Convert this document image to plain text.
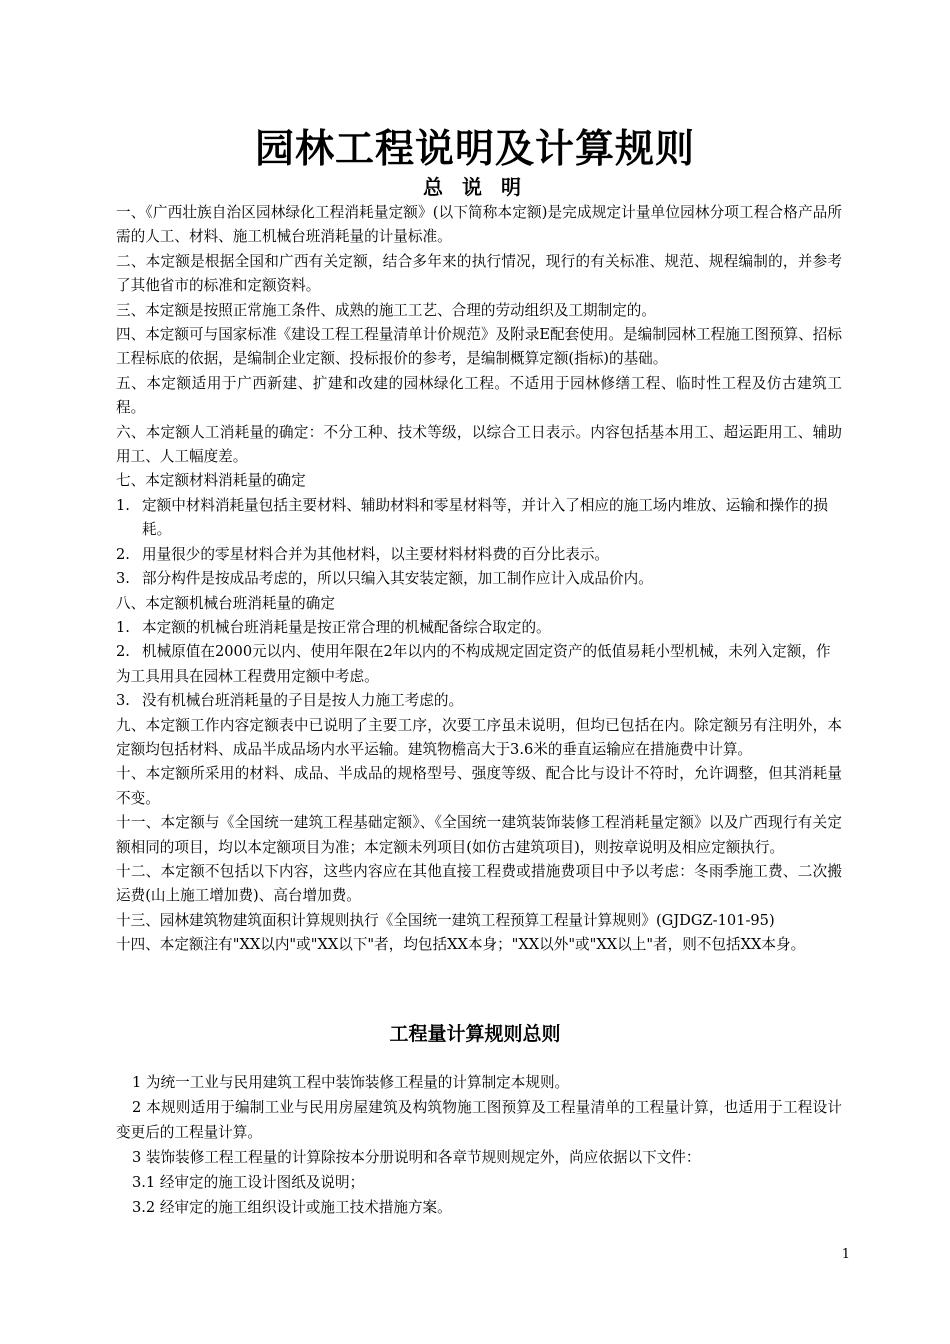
园林工程说明及计算规则
总 说 明
一、《广西壮族自治区园林绿化工程消耗量定额》(以下简称本定额)是完成规定计量单位园林分项工程合格产品所需的人工、材料、施工机械台班消耗量的计量标准。
二、本定额是根据全国和广西有关定额，结合多年来的执行情况，现行的有关标准、规范、规程编制的，并参考了其他省市的标准和定额资料。
三、本定额是按照正常施工条件、成熟的施工工艺、合理的劳动组织及工期制定的。
四、本定额可与国家标准《建设工程工程量清单计价规范》及附录E配套使用。是编制园林工程施工图预算、招标工程标底的依据，是编制企业定额、投标报价的参考，是编制概算定额(指标)的基础。
五、本定额适用于广西新建、扩建和改建的园林绿化工程。不适用于园林修缮工程、临时性工程及仿古建筑工程。
六、本定额人工消耗量的确定：不分工种、技术等级，以综合工日表示。内容包括基本用工、超运距用工、辅助用工、人工幅度差。
七、本定额材料消耗量的确定
1. 定额中材料消耗量包括主要材料、辅助材料和零星材料等，并计入了相应的施工场内堆放、运输和操作的损耗。
2. 用量很少的零星材料合并为其他材料，以主要材料材料费的百分比表示。
3. 部分构件是按成品考虑的，所以只编入其安装定额，加工制作应计入成品价内。
八、本定额机械台班消耗量的确定
1. 本定额的机械台班消耗量是按正常合理的机械配备综合取定的。
2. 机械原值在2000元以内、使用年限在2年以内的不构成规定固定资产的低值易耗小型机械，未列入定额，作为工具用具在园林工程费用定额中考虑。
3. 没有机械台班消耗量的子目是按人力施工考虑的。
九、本定额工作内容定额表中已说明了主要工序，次要工序虽未说明，但均已包括在内。除定额另有注明外，本定额均包括材料、成品半成品场内水平运输。建筑物檐高大于3.6米的垂直运输应在措施费中计算。
十、本定额所采用的材料、成品、半成品的规格型号、强度等级、配合比与设计不符时，允许调整，但其消耗量不变。
十一、本定额与《全国统一建筑工程基础定额》、《全国统一建筑装饰装修工程消耗量定额》以及广西现行有关定额相同的项目，均以本定额项目为准；本定额未列项目(如仿古建筑项目)，则按章说明及相应定额执行。
十二、本定额不包括以下内容，这些内容应在其他直接工程费或措施费项目中予以考虑：冬雨季施工费、二次搬运费(山上施工增加费)、高台增加费。
十三、园林建筑物建筑面积计算规则执行《全国统一建筑工程预算工程量计算规则》(GJDGZ-101-95)
十四、本定额注有"XX以内"或"XX以下"者，均包括XX本身；"XX以外"或"XX以上"者，则不包括XX本身。
工程量计算规则总则
1 为统一工业与民用建筑工程中装饰装修工程量的计算制定本规则。
2 本规则适用于编制工业与民用房屋建筑及构筑物施工图预算及工程量清单的工程量计算，也适用于工程设计变更后的工程量计算。
3 装饰装修工程工程量的计算除按本分册说明和各章节规则规定外，尚应依据以下文件：
3.1 经审定的施工设计图纸及说明；
3.2 经审定的施工组织设计或施工技术措施方案。
1
